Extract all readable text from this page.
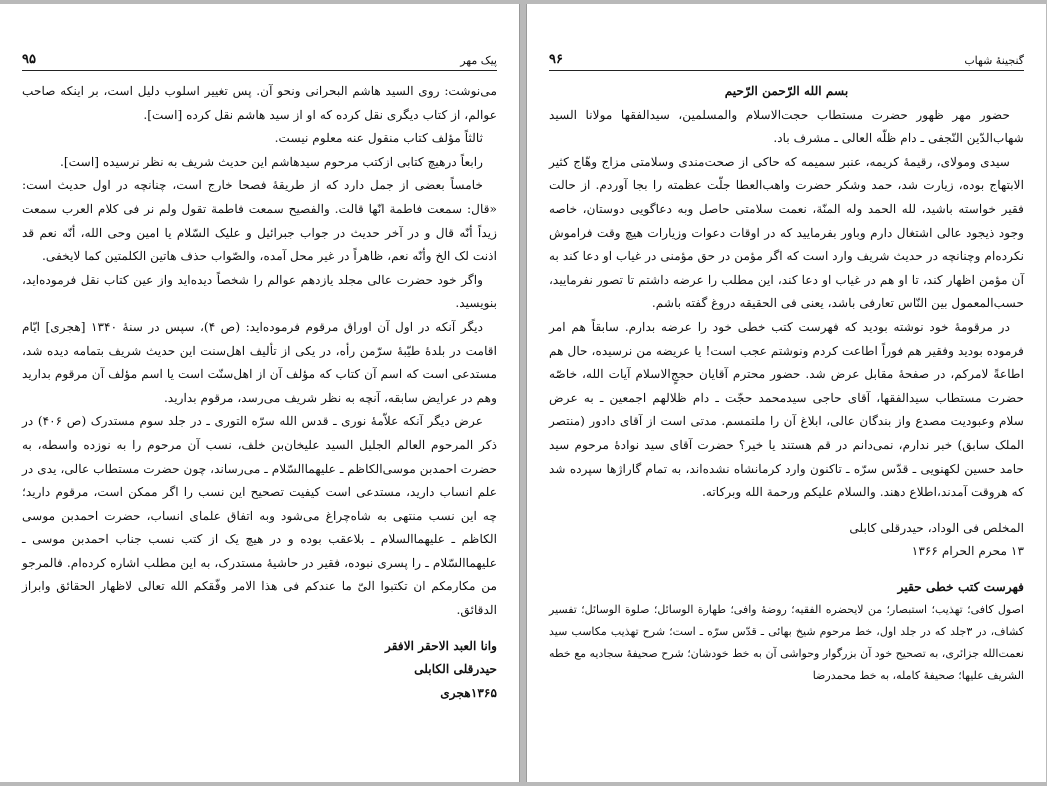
۹۵	پیک مهر

می‌نوشت: روی السید هاشم البحرانی ونحو آن. پس تغییر اسلوب دلیل است، بر اینکه صاحب عوالم، از کتاب دیگری نقل کرده که او از سید هاشم نقل کرده [است].

ثالثاً مؤلف کتاب منقول عنه معلوم نیست.

رابعاً درهیچ کتابی ازکتب مرحوم سیدهاشم این حدیث شریف به نظر نرسیده [است].

خامساً بعضی از جمل دارد که از طریقهٔ فصحا خارج است، چنانچه در اول حدیث است: «قال: سمعت فاطمة انّها قالت. والفصیح سمعت فاطمة تقول ولم نر فی کلام العرب سمعت زیداً أنّه قال و در آخر حدیث در جواب جبرائیل و علیک السّلام یا امین وحی الله، أنّه نعم قد اذنت لک الخ وأنّه نعم، ظاهراً در غیر محل آمده، والصّواب حذف هاتین الکلمتین کما لایخفی.

واگر خود حضرت عالی مجلد یازدهم عوالم را شخصاً دیده‌اید واز عین کتاب نقل فرموده‌اید، بنویسید.

دیگر آنکه در اول آن اوراق مرقوم فرموده‌اید: (ص ۴)، سپس در سنهٔ ۱۳۴۰ [هجری] ایّام اقامت در بلدهٔ طیّبهٔ سرّمن رأه، در یکی از تألیف اهل‌سنت این حدیث شریف بتمامه دیده شد، مستدعی است که اسم آن کتاب که مؤلف آن از اهل‌سنّت است یا اسم مؤلف آن مرقوم بدارید وهم در عرایض سابقه، آنچه به نظر شریف می‌رسد، مرقوم بدارید.

عرض دیگر آنکه علاّمهٔ نوری ـ قدس الله سرّه التوری ـ در جلد سوم مستدرک (ص ۴۰۶) در ذکر المرحوم العالم الجلیل السید علیخان‌بن خلف، نسب آن مرحوم را به نوزده واسطه، به حضرت احمدبن موسی‌الکاظم ـ علیهماالسّلام ـ می‌رساند، چون حضرت مستطاب عالی، یدی در علم انساب دارید، مستدعی است کیفیت تصحیح این نسب را اگر ممکن است، مرقوم دارید؛ چه این نسب منتهی به شاه‌چراغ می‌شود وبه اتفاق علمای انساب، حضرت احمدبن موسی الکاظم ـ علیهماالسلام ـ بلاعقب بوده و در هیچ یک از کتب نسب جناب احمدبن موسی ـ علیهماالسّلام ـ را پسری نبوده، فقیر در حاشیهٔ مستدرک، به این مطلب اشاره کرده‌ام. فالمرجو من مکارمکم ان تکتبوا الیّ ما عندکم فی هذا الامر وفّقکم الله تعالی لاظهار الحقائق وابراز الدقائق.

وانا العبد الاحقر الافقر

حیدرقلی الکابلی

۱۳۶۵هجری

۹۶	گنجینهٔ شهاب

بسم الله الرّحمن الرّحیم

حضور مهر ظهور حضرت مستطاب حجت‌الاسلام والمسلمین، سیدالفقها مولانا السید شهاب‌الدّین النّجفی ـ دام ظلّه العالی ـ مشرف باد.

سیدی ومولای، رقیمهٔ کریمه، عنبر سمیمه که حاکی از صحت‌مندی وسلامتی مزاج وهّاج کثیر الابتهاج بوده، زیارت شد، حمد وشکر حضرت واهب‌العطا جلّت عظمته را بجا آوردم. از حالت فقیر خواسته باشید، لله الحمد وله المنّة، نعمت سلامتی حاصل وبه دعاگویی دوستان، خاصه وجود ذیجود عالی اشتغال دارم وباور بفرمایید که در اوقات دعوات وزیارات هیچ وقت فراموش نکرده‌ام وچنانچه در حدیث شریف وارد است که اگر مؤمن در حق مؤمنی در غیاب او دعا کند به آن مؤمن اظهار کند، تا او هم در غیاب او دعا کند، این مطلب را عرضه داشتم تا تصور نفرمایید، حسب‌المعمول بین النّاس تعارفی باشد، یعنی فی الحقیقه دروغ گفته باشم.

در مرقومهٔ خود نوشته بودید که فهرست کتب خطی خود را عرضه بدارم. سابقاً هم امر فرموده بودید وفقیر هم فوراً اطاعت کردم ونوشتم عجب است! یا عریضه من نرسیده، حال هم اطاعةً لامرکم، در صفحهٔ مقابل عرض شد. حضور محترم آقایان حججٍ‌الاسلام آیات الله، خاصّه حضرت مستطاب سیدالفقها، آقای حاجی سیدمحمد حجّت ـ دام ظلالهم اجمعین ـ به عرض سلام وعبودیت مصدع واز بندگان عالی، ابلاغ آن را ملتمسم. مدتی است از آقای دادور (منتصر الملک سابق) خبر ندارم، نمی‌دانم در قم هستند یا خیر؟ حضرت آقای سید نوادهٔ مرحوم سید حامد حسین لکهنویی ـ قدّس سرّه ـ تاکنون وارد کرمانشاه نشده‌اند، به تمام گاراژها سپرده شد که هروقت آمدند،اطلاع دهند. والسلام علیکم ورحمة الله وبرکاته.

المخلص فی الوداد، حیدرقلی کابلی

۱۳ محرم الحرام ۱۳۶۶

فهرست کتب خطی حقیر

اصول کافی؛ تهذیب؛ استبصار؛ من لایحضره الفقیه؛ روضهٔ وافی؛ طهارة الوسائل؛ صلوة الوسائل؛ تفسیر کشاف، در ۳جلد که در جلد اول، خط مرحوم شیخ بهائی ـ قدّس سرّه ـ است؛ شرح تهذیب مکاسب سید نعمت‌الله جزائری، به تصحیح خود آن بزرگوار وحواشی آن به خط خودشان؛ شرح صحیفهٔ سجادیه مع خطه الشریف علیها؛ صحیفهٔ کامله، به خط محمدرضا
